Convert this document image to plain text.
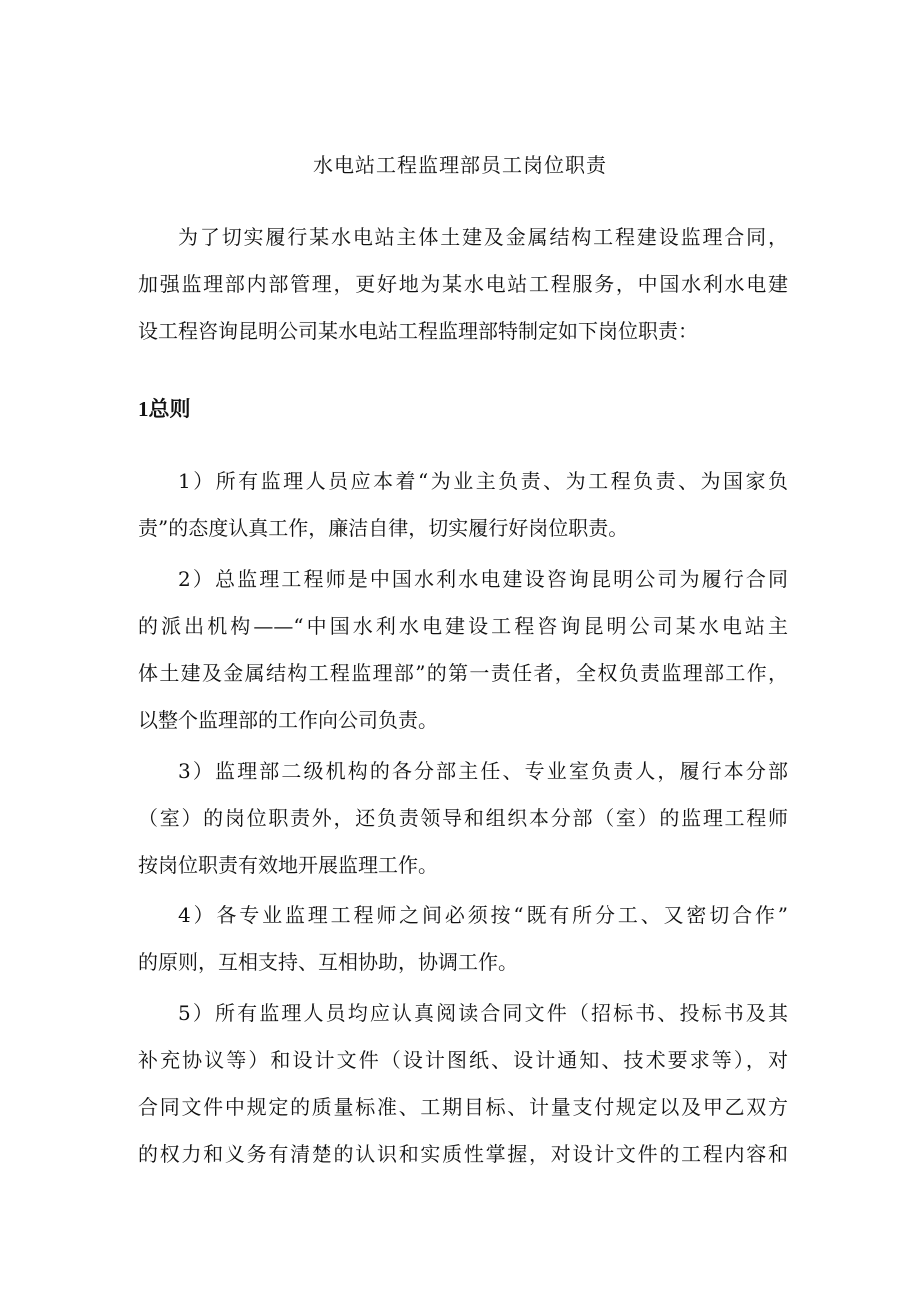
水电站工程监理部员工岗位职责
为了切实履行某水电站主体土建及金属结构工程建设监理合同，
加强监理部内部管理，更好地为某水电站工程服务，中国水利水电建
设工程咨询昆明公司某水电站工程监理部特制定如下岗位职责：
1总则
1）所有监理人员应本着“为业主负责、为工程负责、为国家负
责”的态度认真工作，廉洁自律，切实履行好岗位职责。
2）总监理工程师是中国水利水电建设咨询昆明公司为履行合同
的派出机构——“中国水利水电建设工程咨询昆明公司某水电站主
体土建及金属结构工程监理部”的第一责任者，全权负责监理部工作，
以整个监理部的工作向公司负责。
3）监理部二级机构的各分部主任、专业室负责人，履行本分部
（室）的岗位职责外，还负责领导和组织本分部（室）的监理工程师
按岗位职责有效地开展监理工作。
4）各专业监理工程师之间必须按“既有所分工、又密切合作”
的原则，互相支持、互相协助，协调工作。
5）所有监理人员均应认真阅读合同文件（招标书、投标书及其
补充协议等）和设计文件（设计图纸、设计通知、技术要求等），对
合同文件中规定的质量标准、工期目标、计量支付规定以及甲乙双方
的权力和义务有清楚的认识和实质性掌握，对设计文件的工程内容和
